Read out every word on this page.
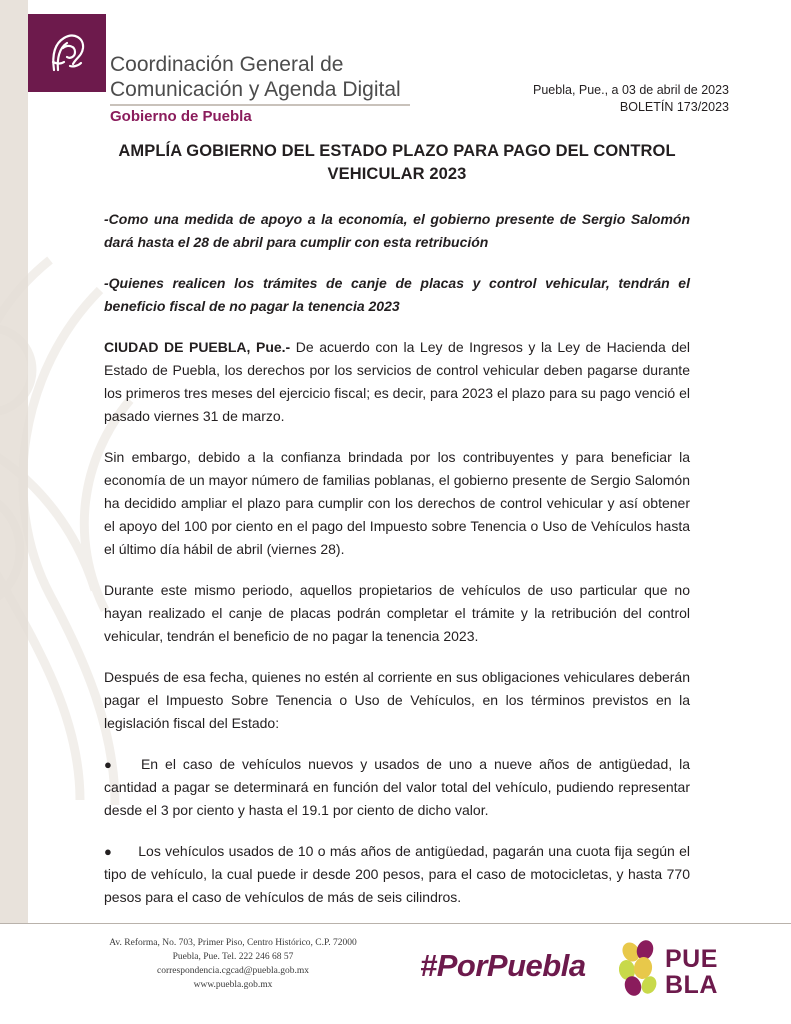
Coordinación General de
Comunicación y Agenda Digital
Gobierno de Puebla
Puebla, Pue., a 03 de abril de 2023
BOLETÍN 173/2023
AMPLÍA GOBIERNO DEL ESTADO PLAZO PARA PAGO DEL CONTROL VEHICULAR 2023

-Como una medida de apoyo a la economía, el gobierno presente de Sergio Salomón dará hasta el 28 de abril para cumplir con esta retribución

-Quienes realicen los trámites de canje de placas y control vehicular, tendrán el beneficio fiscal de no pagar la tenencia 2023

CIUDAD DE PUEBLA, Pue.- De acuerdo con la Ley de Ingresos y la Ley de Hacienda del Estado de Puebla, los derechos por los servicios de control vehicular deben pagarse durante los primeros tres meses del ejercicio fiscal; es decir, para 2023 el plazo para su pago venció el pasado viernes 31 de marzo.

Sin embargo, debido a la confianza brindada por los contribuyentes y para beneficiar la economía de un mayor número de familias poblanas, el gobierno presente de Sergio Salomón ha decidido ampliar el plazo para cumplir con los derechos de control vehicular y así obtener el apoyo del 100 por ciento en el pago del Impuesto sobre Tenencia o Uso de Vehículos hasta el último día hábil de abril (viernes 28).

Durante este mismo periodo, aquellos propietarios de vehículos de uso particular que no hayan realizado el canje de placas podrán completar el trámite y la retribución del control vehicular, tendrán el beneficio de no pagar la tenencia 2023.

Después de esa fecha, quienes no estén al corriente en sus obligaciones vehiculares deberán pagar el Impuesto Sobre Tenencia o Uso de Vehículos, en los términos previstos en la legislación fiscal del Estado:

● En el caso de vehículos nuevos y usados de uno a nueve años de antigüedad, la cantidad a pagar se determinará en función del valor total del vehículo, pudiendo representar desde el 3 por ciento y hasta el 19.1 por ciento de dicho valor.

● Los vehículos usados de 10 o más años de antigüedad, pagarán una cuota fija según el tipo de vehículo, la cual puede ir desde 200 pesos, para el caso de motocicletas, y hasta 770 pesos para el caso de vehículos de más de seis cilindros.

Av. Reforma, No. 703, Primer Piso, Centro Histórico, C.P. 72000
Puebla, Pue. Tel. 222 246 68 57
correspondencia.cgcad@puebla.gob.mx
www.puebla.gob.mx
#PorPuebla	PUE
BLA
